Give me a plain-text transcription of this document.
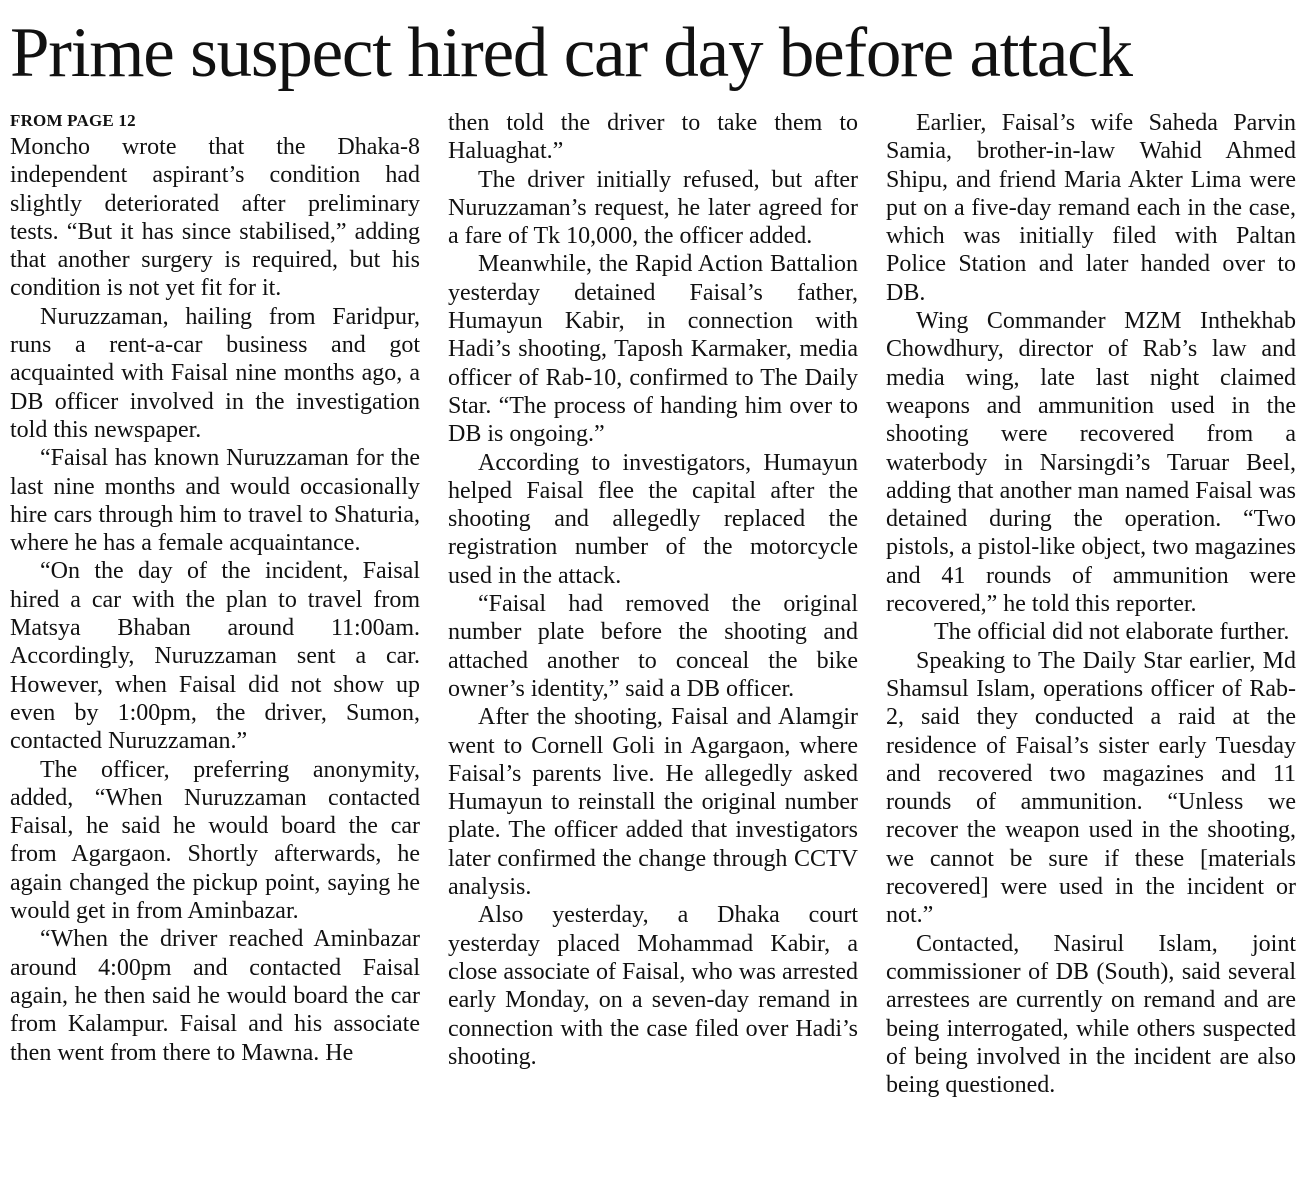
Prime suspect hired car day before attack
FROM PAGE 12

Moncho wrote that the Dhaka-8 independent aspirant’s condition had slightly deteriorated after preliminary tests. “But it has since stabilised,” adding that another surgery is required, but his condition is not yet fit for it.

Nuruzzaman, hailing from Faridpur, runs a rent-a-car business and got acquainted with Faisal nine months ago, a DB officer involved in the investigation told this newspaper.

“Faisal has known Nuruzzaman for the last nine months and would occasionally hire cars through him to travel to Shaturia, where he has a female acquaintance.

“On the day of the incident, Faisal hired a car with the plan to travel from Matsya Bhaban around 11:00am. Accordingly, Nuruzzaman sent a car. However, when Faisal did not show up even by 1:00pm, the driver, Sumon, contacted Nuruzzaman.”

The officer, preferring anonymity, added, “When Nuruzzaman contacted Faisal, he said he would board the car from Agargaon. Shortly afterwards, he again changed the pickup point, saying he would get in from Aminbazar.

“When the driver reached Aminbazar around 4:00pm and contacted Faisal again, he then said he would board the car from Kalampur. Faisal and his associate then went from there to Mawna. He

then told the driver to take them to Haluaghat.”

The driver initially refused, but after Nuruzzaman’s request, he later agreed for a fare of Tk 10,000, the officer added.

Meanwhile, the Rapid Action Battalion yesterday detained Faisal’s father, Humayun Kabir, in connection with Hadi’s shooting, Taposh Karmaker, media officer of Rab-10, confirmed to The Daily Star. “The process of handing him over to DB is ongoing.”

According to investigators, Humayun helped Faisal flee the capital after the shooting and allegedly replaced the registration number of the motorcycle used in the attack.

“Faisal had removed the original number plate before the shooting and attached another to conceal the bike owner’s identity,” said a DB officer.

After the shooting, Faisal and Alamgir went to Cornell Goli in Agargaon, where Faisal’s parents live. He allegedly asked Humayun to reinstall the original number plate. The officer added that investigators later confirmed the change through CCTV analysis.

Also yesterday, a Dhaka court yesterday placed Mohammad Kabir, a close associate of Faisal, who was arrested early Monday, on a seven-day remand in connection with the case filed over Hadi’s shooting.

Earlier, Faisal’s wife Saheda Parvin Samia, brother-in-law Wahid Ahmed Shipu, and friend Maria Akter Lima were put on a five-day remand each in the case, which was initially filed with Paltan Police Station and later handed over to DB.

Wing Commander MZM Inthekhab Chowdhury, director of Rab’s law and media wing, late last night claimed weapons and ammunition used in the shooting were recovered from a waterbody in Narsingdi’s Taruar Beel, adding that another man named Faisal was detained during the operation. “Two pistols, a pistol-like object, two magazines and 41 rounds of ammunition were recovered,” he told this reporter.

The official did not elaborate further.

Speaking to The Daily Star earlier, Md Shamsul Islam, operations officer of Rab-2, said they conducted a raid at the residence of Faisal’s sister early Tuesday and recovered two magazines and 11 rounds of ammunition. “Unless we recover the weapon used in the shooting, we cannot be sure if these [materials recovered] were used in the incident or not.”

Contacted, Nasirul Islam, joint commissioner of DB (South), said several arrestees are currently on remand and are being interrogated, while others suspected of being involved in the incident are also being questioned.
